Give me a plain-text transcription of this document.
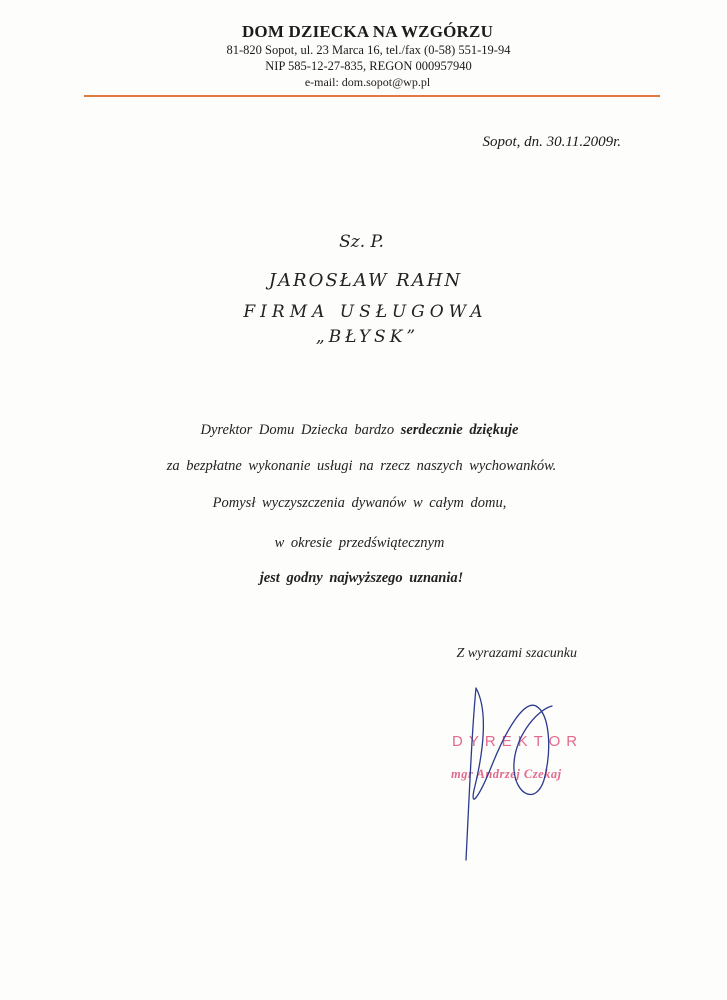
DOM DZIECKA NA WZGÓRZU
81-820 Sopot, ul. 23 Marca 16, tel./fax (0-58) 551-19-94
NIP 585-12-27-835, REGON 000957940
e-mail: dom.sopot@wp.pl
Sopot, dn. 30.11.2009r.
Sz. P.
JAROSŁAW RAHN
FIRMA USŁUGOWA
„BŁYSK”
Dyrektor Domu Dziecka bardzo serdecznie dziękuje
za bezpłatne wykonanie usługi na rzecz naszych wychowanków.
Pomysł wyczyszczenia dywanów w całym domu,
w okresie przedświątecznym
jest godny najwyższego uznania!
Z wyrazami szacunku
DYREKTOR
mgr Andrzej Czekaj
